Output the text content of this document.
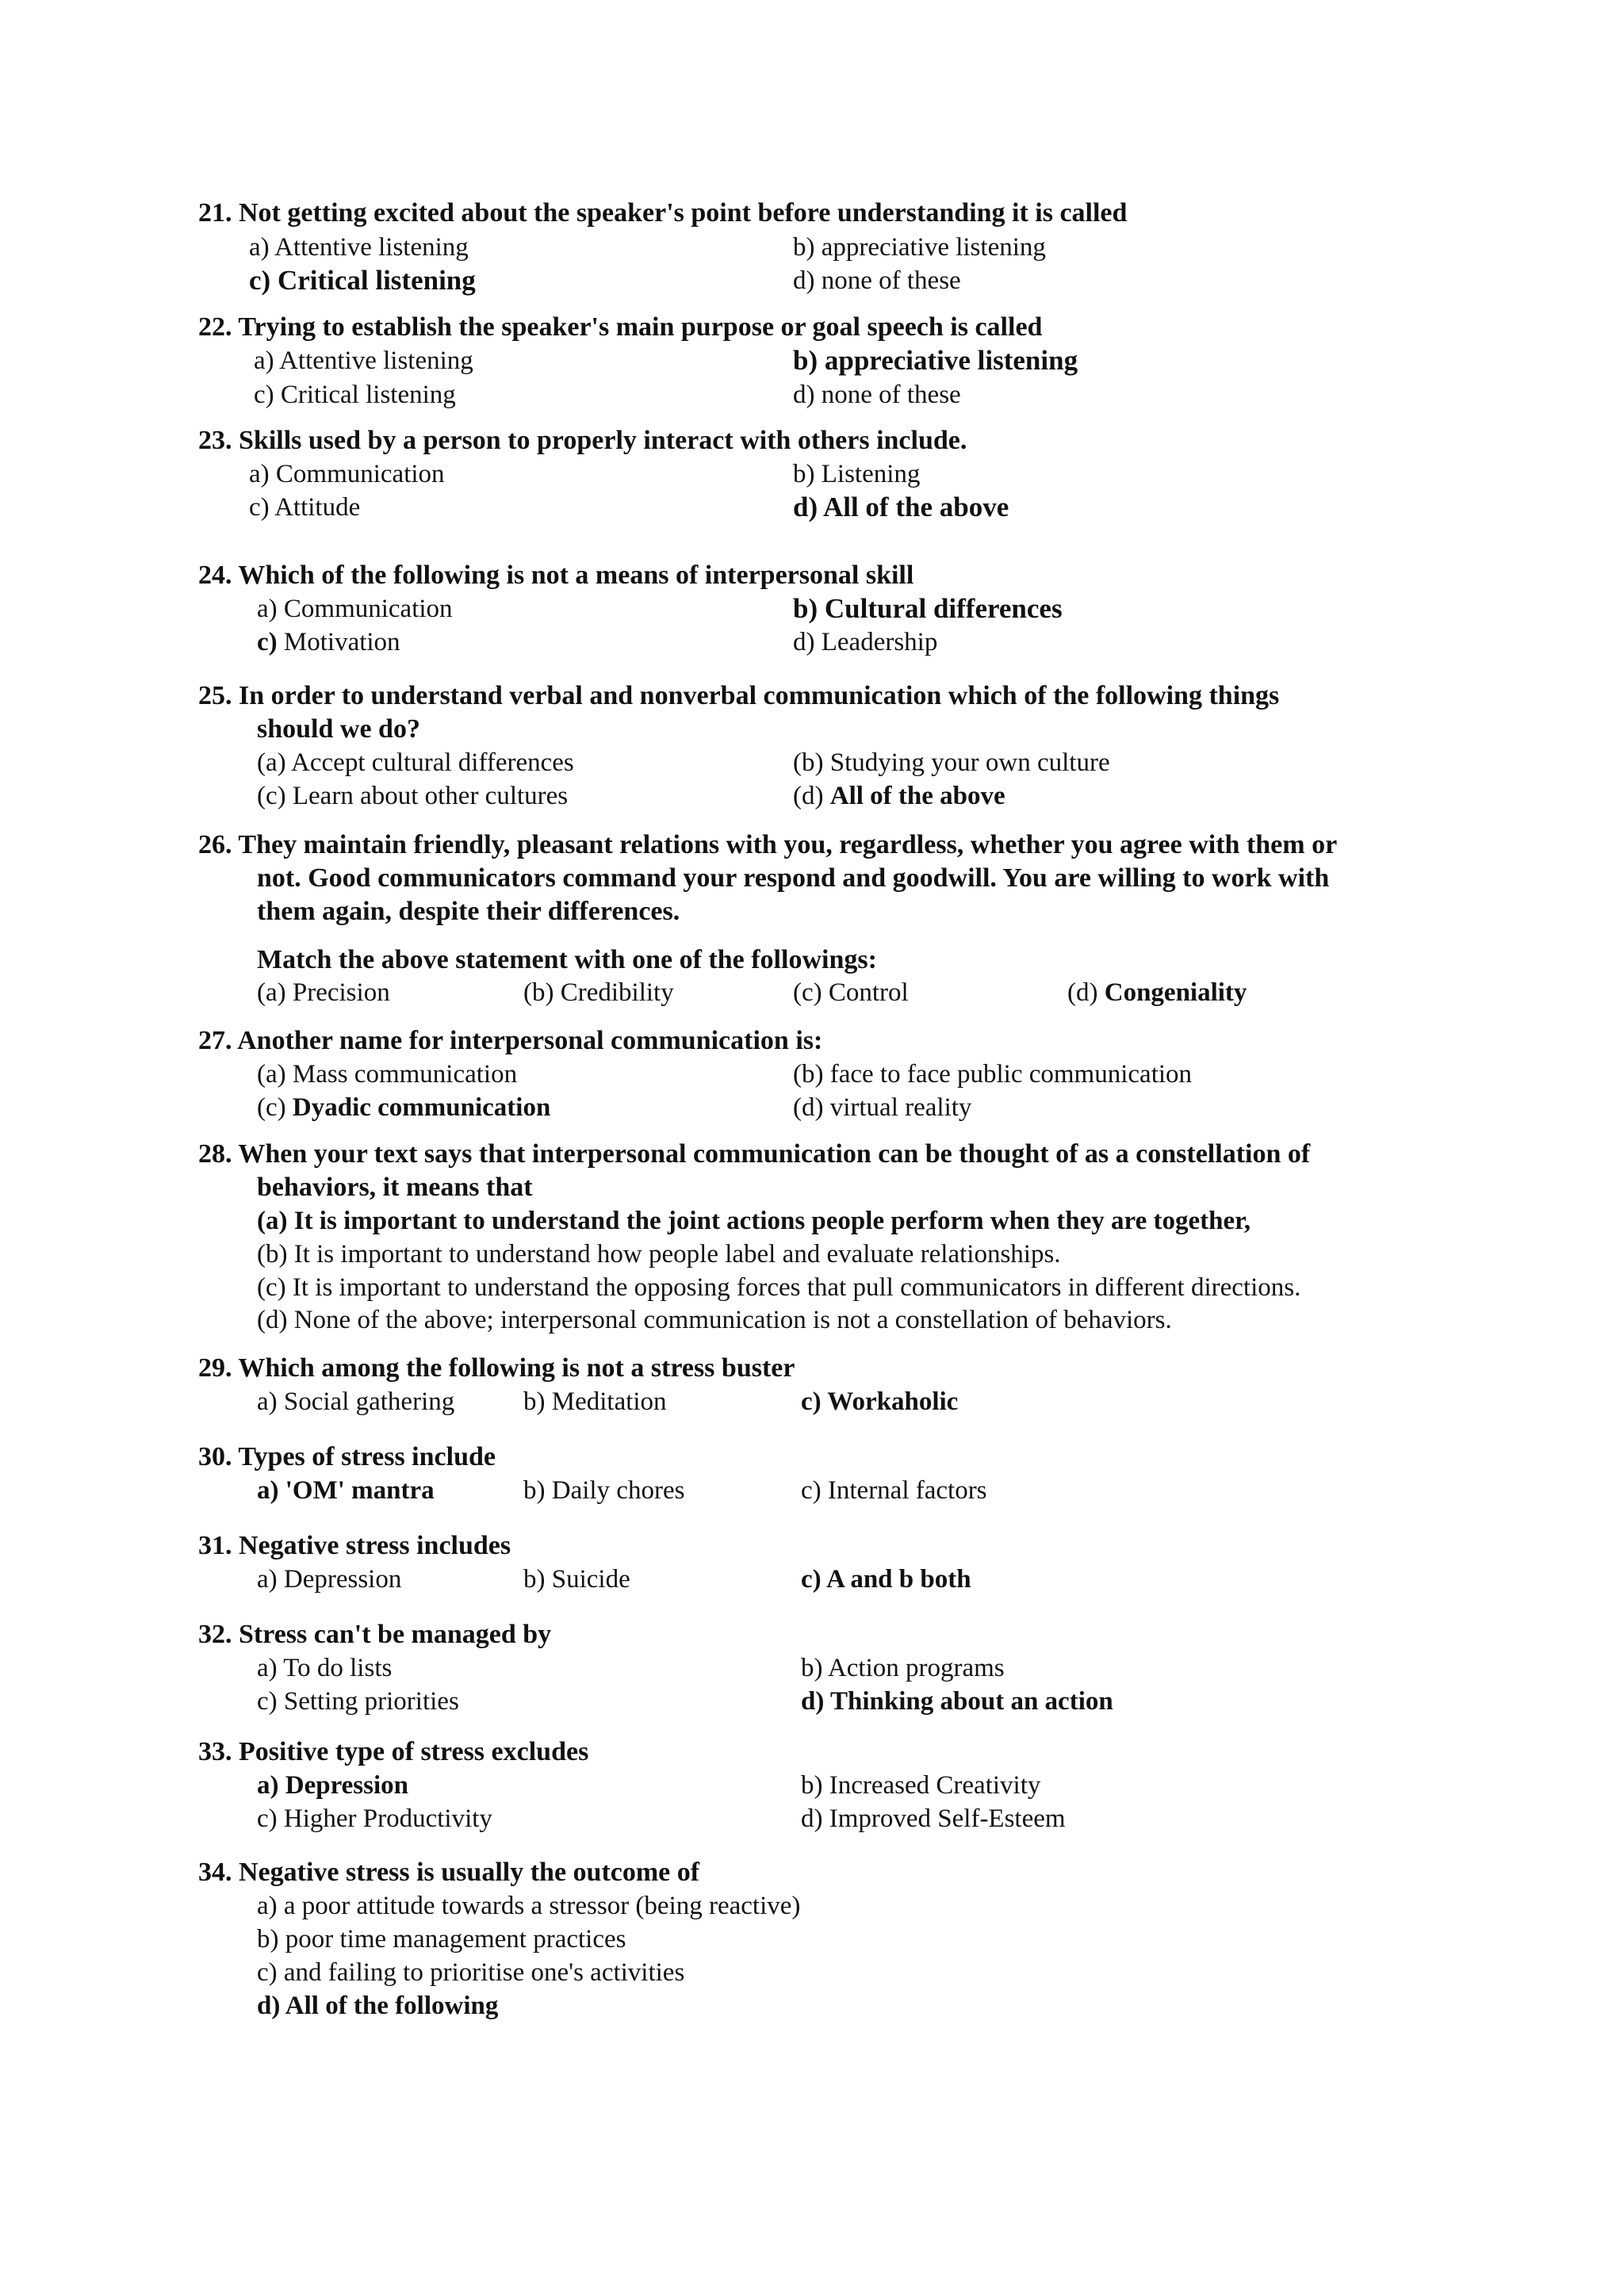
21. Not getting excited about the speaker's point before understanding it is called
a) Attentive listening	b) appreciative listening
c) Critical listening	d) none of these
22. Trying to establish the speaker's main purpose or goal speech is called
a) Attentive listening	b) appreciative listening
c) Critical listening	d) none of these
23. Skills used by a person to properly interact with others include.
a) Communication	b) Listening
c) Attitude	d) All of the above
24. Which of the following is not a means of interpersonal skill
a) Communication	b) Cultural differences
c) Motivation	d) Leadership
25. In order to understand verbal and nonverbal communication which of the following things
should we do?
(a) Accept cultural differences	(b) Studying your own culture
(c) Learn about other cultures	(d) All of the above
26. They maintain friendly, pleasant relations with you, regardless, whether you agree with them or
not. Good communicators command your respond and goodwill. You are willing to work with
them again, despite their differences.
Match the above statement with one of the followings:
(a) Precision	(b) Credibility	(c) Control	(d) Congeniality
27. Another name for interpersonal communication is:
(a) Mass communication	(b) face to face public communication
(c) Dyadic communication	(d) virtual reality
28. When your text says that interpersonal communication can be thought of as a constellation of
behaviors, it means that
(a) It is important to understand the joint actions people perform when they are together,
(b) It is important to understand how people label and evaluate relationships.
(c) It is important to understand the opposing forces that pull communicators in different directions.
(d) None of the above; interpersonal communication is not a constellation of behaviors.
29. Which among the following is not a stress buster
a) Social gathering	b) Meditation	c) Workaholic
30. Types of stress include
a) 'OM' mantra	b) Daily chores	c) Internal factors
31. Negative stress includes
a) Depression	b) Suicide	c) A and b both
32. Stress can't be managed by
a) To do lists	b) Action programs
c) Setting priorities	d) Thinking about an action
33. Positive type of stress excludes
a) Depression	b) Increased Creativity
c) Higher Productivity	d) Improved Self-Esteem
34. Negative stress is usually the outcome of
a) a poor attitude towards a stressor (being reactive)
b) poor time management practices
c) and failing to prioritise one's activities
d) All of the following
